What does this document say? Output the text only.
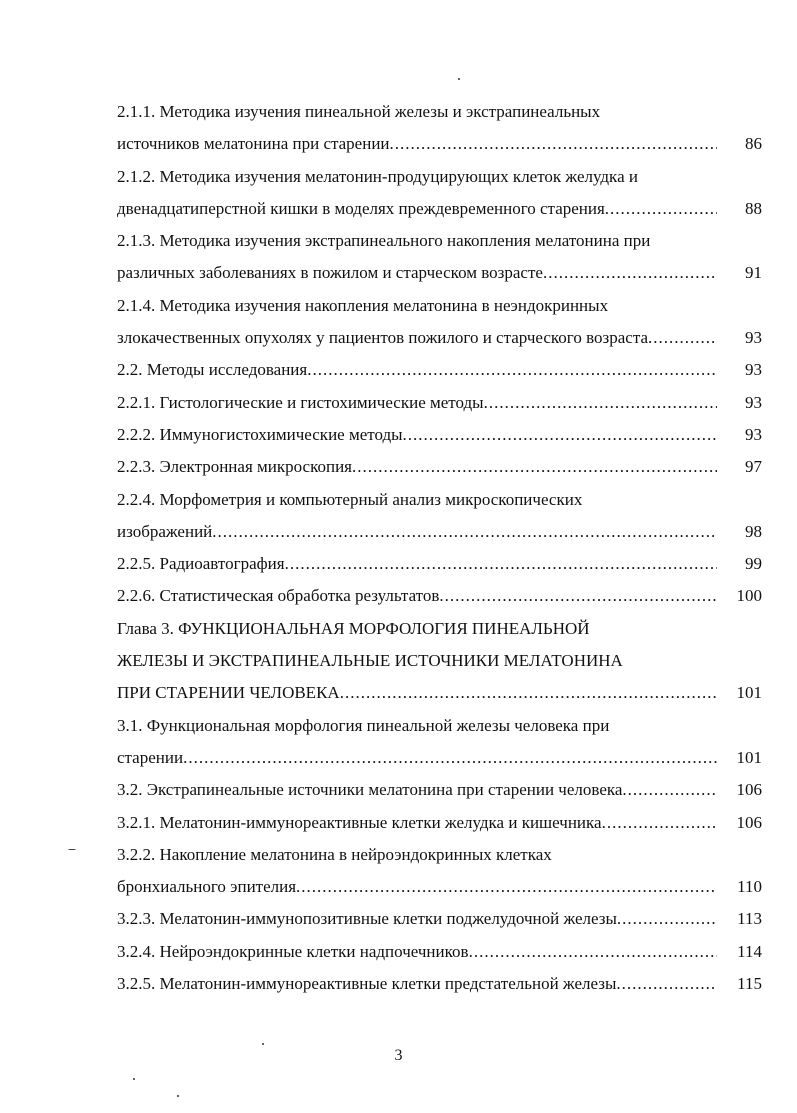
2.1.1. Методика изучения пинеальной железы и экстрапинеальных
источников мелатонина при старении .....	86
2.1.2. Методика изучения мелатонин-продуцирующих клеток желудка и
двенадцатиперстной кишки в моделях преждевременного старения .....	88
2.1.3. Методика изучения экстрапинеального накопления мелатонина при
различных заболеваниях в пожилом и старческом возрасте .....	91
2.1.4. Методика изучения накопления мелатонина в неэндокринных
злокачественных опухолях у пациентов пожилого и старческого возраста .....	93
2.2. Методы исследования .....	93
2.2.1. Гистологические и гистохимические методы .....	93
2.2.2. Иммуногистохимические методы .....	93
2.2.3. Электронная микроскопия .....	97
2.2.4. Морфометрия и компьютерный анализ микроскопических
изображений .....	98
2.2.5. Радиоавтография .....	99
2.2.6. Статистическая обработка результатов .....	100
Глава 3. ФУНКЦИОНАЛЬНАЯ МОРФОЛОГИЯ ПИНЕАЛЬНОЙ
ЖЕЛЕЗЫ И ЭКСТРАПИНЕАЛЬНЫЕ ИСТОЧНИКИ МЕЛАТОНИНА
ПРИ СТАРЕНИИ ЧЕЛОВЕКА .....	101
3.1. Функциональная морфология пинеальной железы человека при
старении .....	101
3.2. Экстрапинеальные источники мелатонина при старении человека .....	106
3.2.1. Мелатонин-иммунореактивные клетки желудка и кишечника .....	106
3.2.2. Накопление мелатонина в нейроэндокринных клетках
бронхиального эпителия .....	110
3.2.3. Мелатонин-иммунопозитивные клетки поджелудочной железы .....	113
3.2.4. Нейроэндокринные клетки надпочечников .....	114
3.2.5. Мелатонин-иммунореактивные клетки предстательной железы .....	115
3
